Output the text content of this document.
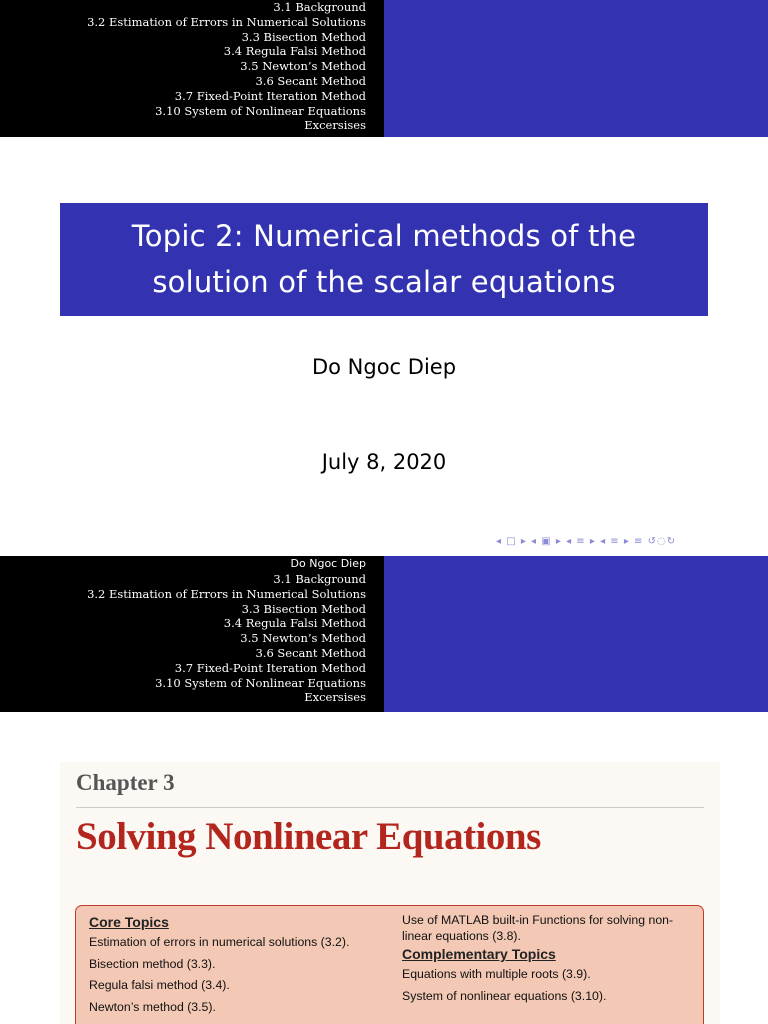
3.1 Background
3.2 Estimation of Errors in Numerical Solutions
3.3 Bisection Method
3.4 Regula Falsi Method
3.5 Newton’s Method
3.6 Secant Method
3.7 Fixed-Point Iteration Method
3.10 System of Nonlinear Equations
Excersises
Topic 2: Numerical methods of the
solution of the scalar equations
Do Ngoc Diep
July 8, 2020
◂ □ ▸ ◂ ▣ ▸ ◂ ≡ ▸ ◂ ≡ ▸ ≡ ↺◌↻
Do Ngoc Diep
3.1 Background
3.2 Estimation of Errors in Numerical Solutions
3.3 Bisection Method
3.4 Regula Falsi Method
3.5 Newton’s Method
3.6 Secant Method
3.7 Fixed-Point Iteration Method
3.10 System of Nonlinear Equations
Excersises
Chapter 3
Solving Nonlinear Equations
Core Topics
Estimation of errors in numerical solutions (3.2).
Bisection method (3.3).
Regula falsi method (3.4).
Newton’s method (3.5).
Use of MATLAB built-in Functions for solving non-
linear equations (3.8).
Complementary Topics
Equations with multiple roots (3.9).
System of nonlinear equations (3.10).
